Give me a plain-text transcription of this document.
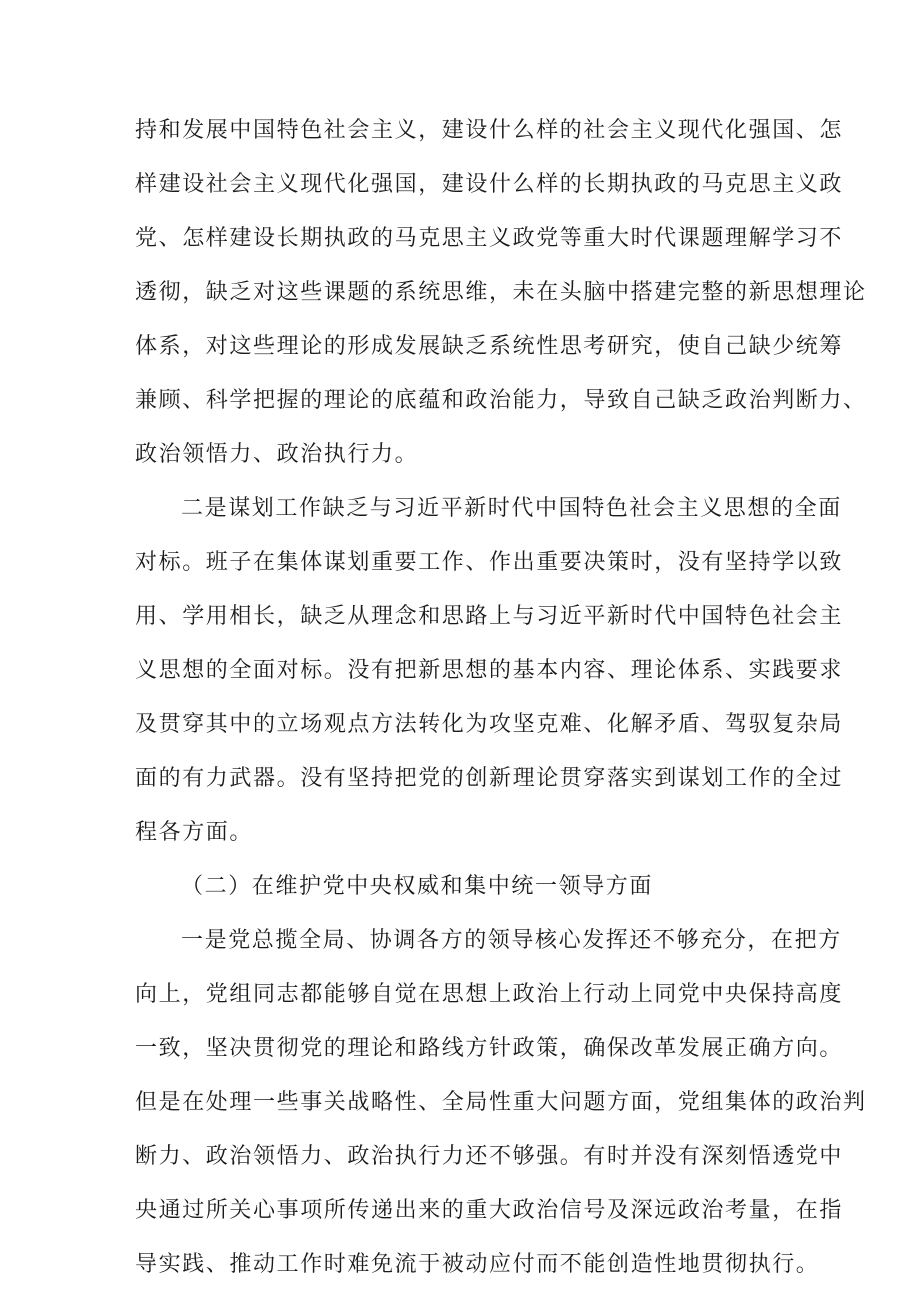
持和发展中国特色社会主义，建设什么样的社会主义现代化强国、怎

样建设社会主义现代化强国，建设什么样的长期执政的马克思主义政

党、怎样建设长期执政的马克思主义政党等重大时代课题理解学习不

透彻，缺乏对这些课题的系统思维，未在头脑中搭建完整的新思想理论

体系，对这些理论的形成发展缺乏系统性思考研究，使自己缺少统筹

兼顾、科学把握的理论的底蕴和政治能力，导致自己缺乏政治判断力、

政治领悟力、政治执行力。

二是谋划工作缺乏与习近平新时代中国特色社会主义思想的全面

对标。班子在集体谋划重要工作、作出重要决策时，没有坚持学以致

用、学用相长，缺乏从理念和思路上与习近平新时代中国特色社会主

义思想的全面对标。没有把新思想的基本内容、理论体系、实践要求

及贯穿其中的立场观点方法转化为攻坚克难、化解矛盾、驾驭复杂局

面的有力武器。没有坚持把党的创新理论贯穿落实到谋划工作的全过

程各方面。

（二）在维护党中央权威和集中统一领导方面

一是党总揽全局、协调各方的领导核心发挥还不够充分，在把方

向上，党组同志都能够自觉在思想上政治上行动上同党中央保持高度

一致，坚决贯彻党的理论和路线方针政策，确保改革发展正确方向。

但是在处理一些事关战略性、全局性重大问题方面，党组集体的政治判

断力、政治领悟力、政治执行力还不够强。有时并没有深刻悟透党中

央通过所关心事项所传递出来的重大政治信号及深远政治考量，在指

导实践、推动工作时难免流于被动应付而不能创造性地贯彻执行。
